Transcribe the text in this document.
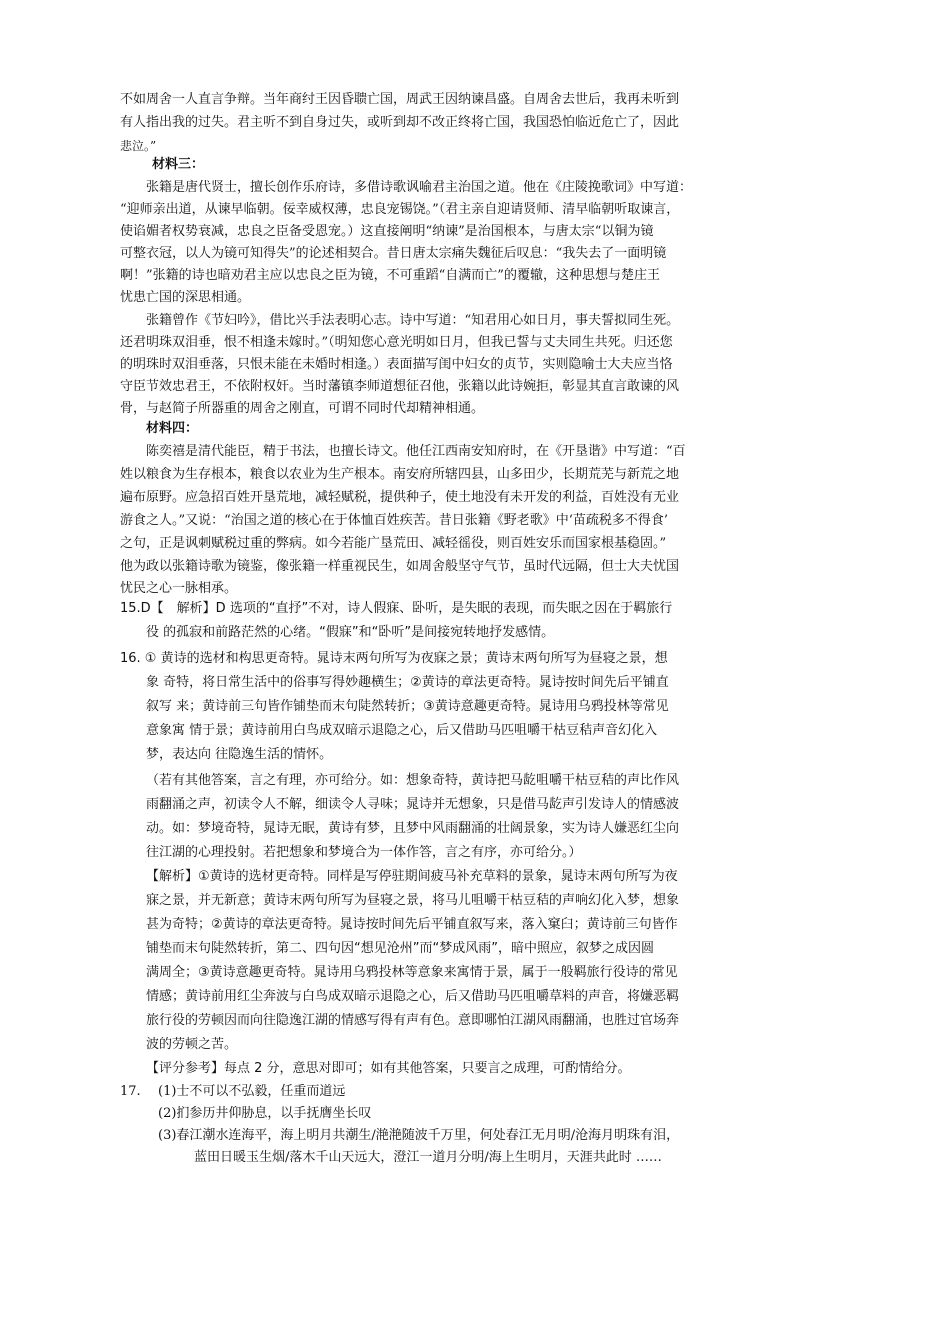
不如周舍一人直言争辩。当年商纣王因昏聩亡国，周武王因纳谏昌盛。自周舍去世后，我再未听到
有人指出我的过失。君主听不到自身过失，或听到却不改正终将亡国，我国恐怕临近危亡了，因此
悲泣。”
材料三：
张籍是唐代贤士，擅长创作乐府诗，多借诗歌讽喻君主治国之道。他在《庄陵挽歌词》中写道：
“迎师亲出道，从谏早临朝。佞幸威权薄，忠良宠锡饶。”（君主亲自迎请贤师、清早临朝听取谏言，
使谄媚者权势衰减，忠良之臣备受恩宠。）这直接阐明“纳谏”是治国根本，与唐太宗“以铜为镜
可整衣冠，以人为镜可知得失”的论述相契合。昔日唐太宗痛失魏征后叹息：“我失去了一面明镜
啊！”张籍的诗也暗劝君主应以忠良之臣为镜，不可重蹈“自满而亡”的覆辙，这种思想与楚庄王
忧患亡国的深思相通。
张籍曾作《节妇吟》，借比兴手法表明心志。诗中写道：“知君用心如日月，事夫誓拟同生死。
还君明珠双泪垂，恨不相逢未嫁时。”（明知您心意光明如日月，但我已誓与丈夫同生共死。归还您
的明珠时双泪垂落，只恨未能在未婚时相逢。）表面描写闺中妇女的贞节，实则隐喻士大夫应当恪
守臣节效忠君王，不依附权奸。当时藩镇李师道想征召他，张籍以此诗婉拒，彰显其直言敢谏的风
骨，与赵简子所器重的周舍之刚直，可谓不同时代却精神相通。
材料四：
陈奕禧是清代能臣，精于书法，也擅长诗文。他任江西南安知府时，在《开垦谐》中写道：“百
姓以粮食为生存根本，粮食以农业为生产根本。南安府所辖四县，山多田少，长期荒芜与新荒之地
遍布原野。应急招百姓开垦荒地，减轻赋税，提供种子，使土地没有未开发的利益，百姓没有无业
游食之人。”又说：“治国之道的核心在于体恤百姓疾苦。昔日张籍《野老歌》中‘苗疏税多不得食’
之句，正是讽刺赋税过重的弊病。如今若能广垦荒田、减轻徭役，则百姓安乐而国家根基稳固。”
他为政以张籍诗歌为镜鉴，像张籍一样重视民生，如周舍般坚守气节，虽时代远隔，但士大夫忧国
忧民之心一脉相承。
15.D【　解析】D 选项的“直抒”不对，诗人假寐、卧听，是失眠的表现，而失眠之因在于羁旅行
役 的孤寂和前路茫然的心绪。“假寐”和“卧听”是间接宛转地抒发感情。
16. ① 黄诗的选材和构思更奇特。晁诗末两句所写为夜寐之景；黄诗末两句所写为昼寝之景，想
象 奇特，将日常生活中的俗事写得妙趣横生；②黄诗的章法更奇特。晁诗按时间先后平铺直
叙写 来；黄诗前三句皆作铺垫而末句陡然转折；③黄诗意趣更奇特。晁诗用乌鸦投林等常见
意象寓 情于景；黄诗前用白鸟成双暗示退隐之心，后又借助马匹咀嚼干枯豆秸声音幻化入
梦，表达向 往隐逸生活的情怀。
（若有其他答案，言之有理，亦可给分。如：想象奇特，黄诗把马龁咀嚼干枯豆秸的声比作风
雨翻涌之声，初读令人不解，细读令人寻味；晁诗并无想象，只是借马龁声引发诗人的情感波
动。如：梦境奇特，晁诗无眠，黄诗有梦，且梦中风雨翻涌的壮阔景象，实为诗人嫌恶红尘向
往江湖的心理投射。若把想象和梦境合为一体作答，言之有序，亦可给分。）
【解析】①黄诗的选材更奇特。同样是写停驻期间疲马补充草料的景象，晁诗末两句所写为夜
寐之景，并无新意；黄诗末两句所写为昼寝之景，将马儿咀嚼干枯豆秸的声响幻化入梦，想象
甚为奇特；②黄诗的章法更奇特。晁诗按时间先后平铺直叙写来，落入窠臼；黄诗前三句皆作
铺垫而末句陡然转折，第二、四句因“想见沧州”而“梦成风雨”，暗中照应，叙梦之成因圆
满周全；③黄诗意趣更奇特。晁诗用乌鸦投林等意象来寓情于景，属于一般羁旅行役诗的常见
情感；黄诗前用红尘奔波与白鸟成双暗示退隐之心，后又借助马匹咀嚼草料的声音，将嫌恶羁
旅行役的劳顿因而向往隐逸江湖的情感写得有声有色。意即哪怕江湖风雨翻涌，也胜过官场奔
波的劳顿之苦。
【评分参考】每点 2 分，意思对即可；如有其他答案，只要言之成理，可酌情给分。
17. (1)士不可以不弘毅，任重而道远
(2)扪参历井仰胁息，以手抚膺坐长叹
(3)春江潮水连海平，海上明月共潮生/滟滟随波千万里，何处春江无月明/沧海月明珠有泪，
蓝田日暖玉生烟/落木千山天远大，澄江一道月分明/海上生明月，天涯共此时 ……
